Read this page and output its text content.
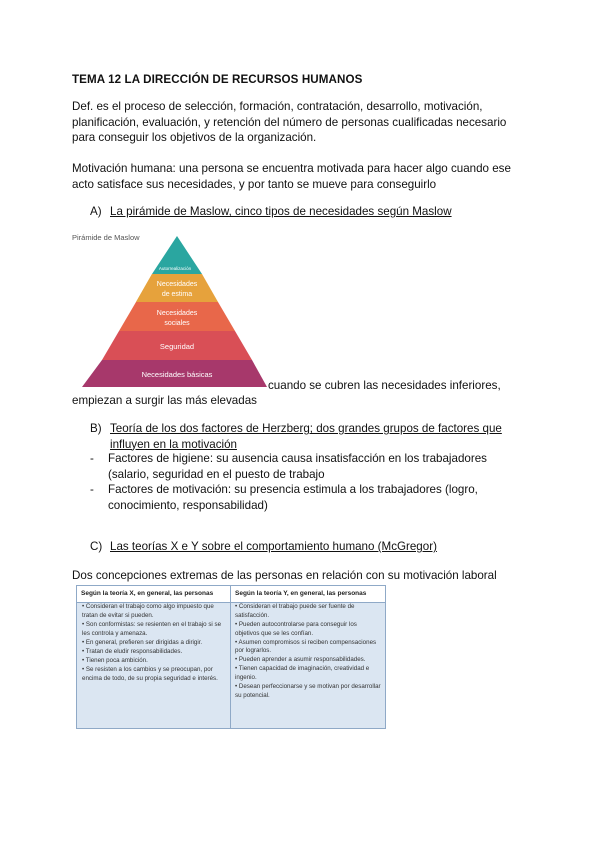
TEMA 12 LA DIRECCIÓN DE RECURSOS HUMANOS
Def. es el proceso de selección, formación, contratación, desarrollo, motivación, planificación, evaluación, y retención del número de personas cualificadas necesario para conseguir los objetivos de la organización.
Motivación humana: una persona se encuentra motivada para hacer algo cuando ese acto satisface sus necesidades, y por tanto se mueve para conseguirlo
A) La pirámide de Maslow, cinco tipos de necesidades según Maslow
Pirámide de Maslow
Autorrealización
Necesidades
de estima
Necesidades
sociales
Seguridad
Necesidades básicas
cuando se cubren las necesidades inferiores,
empiezan a surgir las más elevadas
B) Teoría de los dos factores de Herzberg; dos grandes grupos de factores que influyen en la motivación
- Factores de higiene: su ausencia causa insatisfacción en los trabajadores (salario, seguridad en el puesto de trabajo
- Factores de motivación: su presencia estimula a los trabajadores (logro, conocimiento, responsabilidad)
C) Las teorías X e Y sobre el comportamiento humano (McGregor)
Dos concepciones extremas de las personas en relación con su motivación laboral
Según la teoría X, en general, las personas	Según la teoría Y, en general, las personas
• Consideran el trabajo como algo impuesto que tratan de evitar si pueden.
• Son conformistas: se resienten en el trabajo si se les controla y amenaza.
• En general, prefieren ser dirigidas a dirigir.
• Tratan de eludir responsabilidades.
• Tienen poca ambición.
• Se resisten a los cambios y se preocupan, por encima de todo, de su propia seguridad e interés.
• Consideran el trabajo puede ser fuente de satisfacción.
• Pueden autocontrolarse para conseguir los objetivos que se les confían.
• Asumen compromisos si reciben compensaciones por lograrlos.
• Pueden aprender a asumir responsabilidades.
• Tienen capacidad de imaginación, creatividad e ingenio.
• Desean perfeccionarse y se motivan por desarrollar su potencial.
